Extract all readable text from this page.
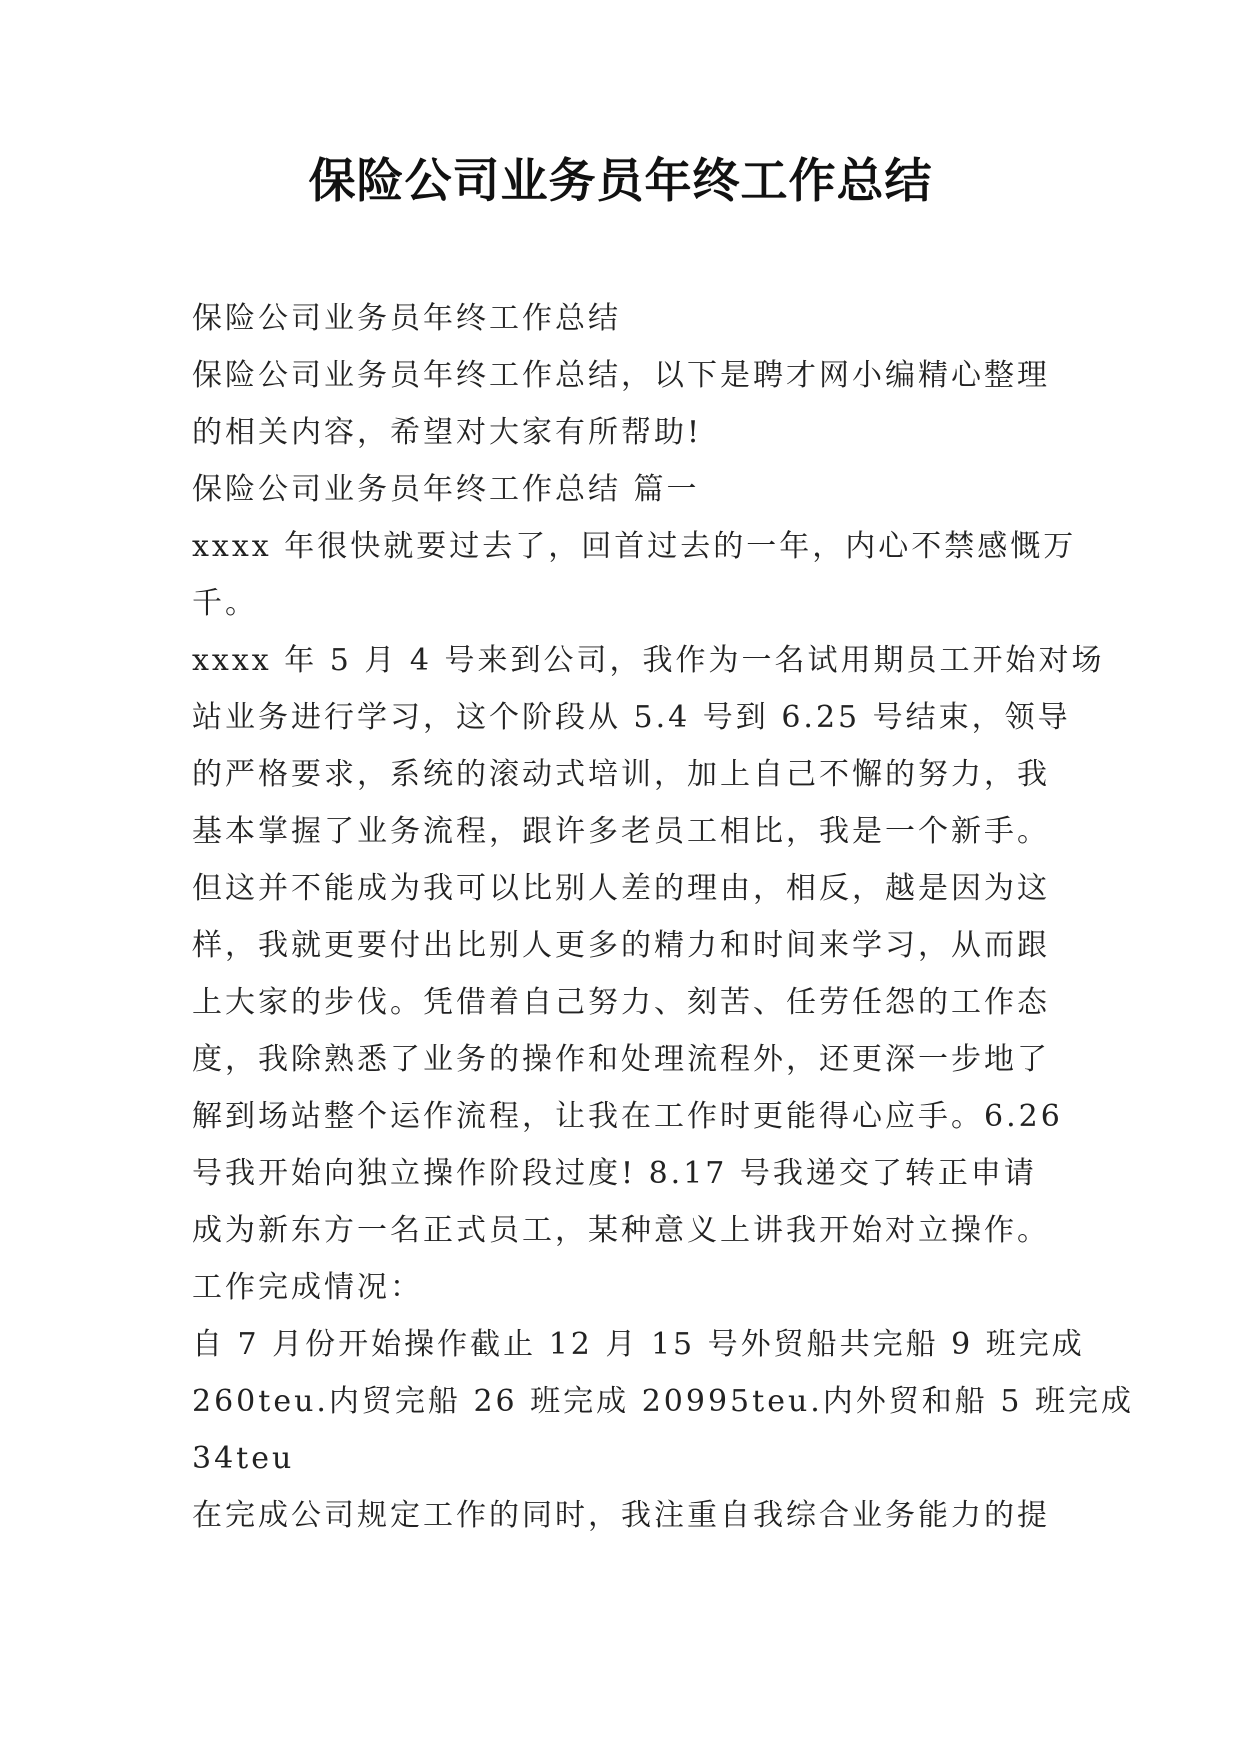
保险公司业务员年终工作总结
保险公司业务员年终工作总结
保险公司业务员年终工作总结，以下是聘才网小编精心整理
的相关内容，希望对大家有所帮助!
保险公司业务员年终工作总结 篇一
xxxx 年很快就要过去了，回首过去的一年，内心不禁感慨万
千。
xxxx 年 5 月 4 号来到公司，我作为一名试用期员工开始对场
站业务进行学习，这个阶段从 5.4 号到 6.25 号结束，领导
的严格要求，系统的滚动式培训，加上自己不懈的努力，我
基本掌握了业务流程，跟许多老员工相比，我是一个新手。
但这并不能成为我可以比别人差的理由，相反，越是因为这
样，我就更要付出比别人更多的精力和时间来学习，从而跟
上大家的步伐。凭借着自己努力、刻苦、任劳任怨的工作态
度，我除熟悉了业务的操作和处理流程外，还更深一步地了
解到场站整个运作流程，让我在工作时更能得心应手。6.26
号我开始向独立操作阶段过度! 8.17 号我递交了转正申请
成为新东方一名正式员工，某种意义上讲我开始对立操作。
工作完成情况：
自 7 月份开始操作截止 12 月 15 号外贸船共完船 9 班完成
260teu.内贸完船 26 班完成 20995teu.内外贸和船 5 班完成
34teu
在完成公司规定工作的同时，我注重自我综合业务能力的提
